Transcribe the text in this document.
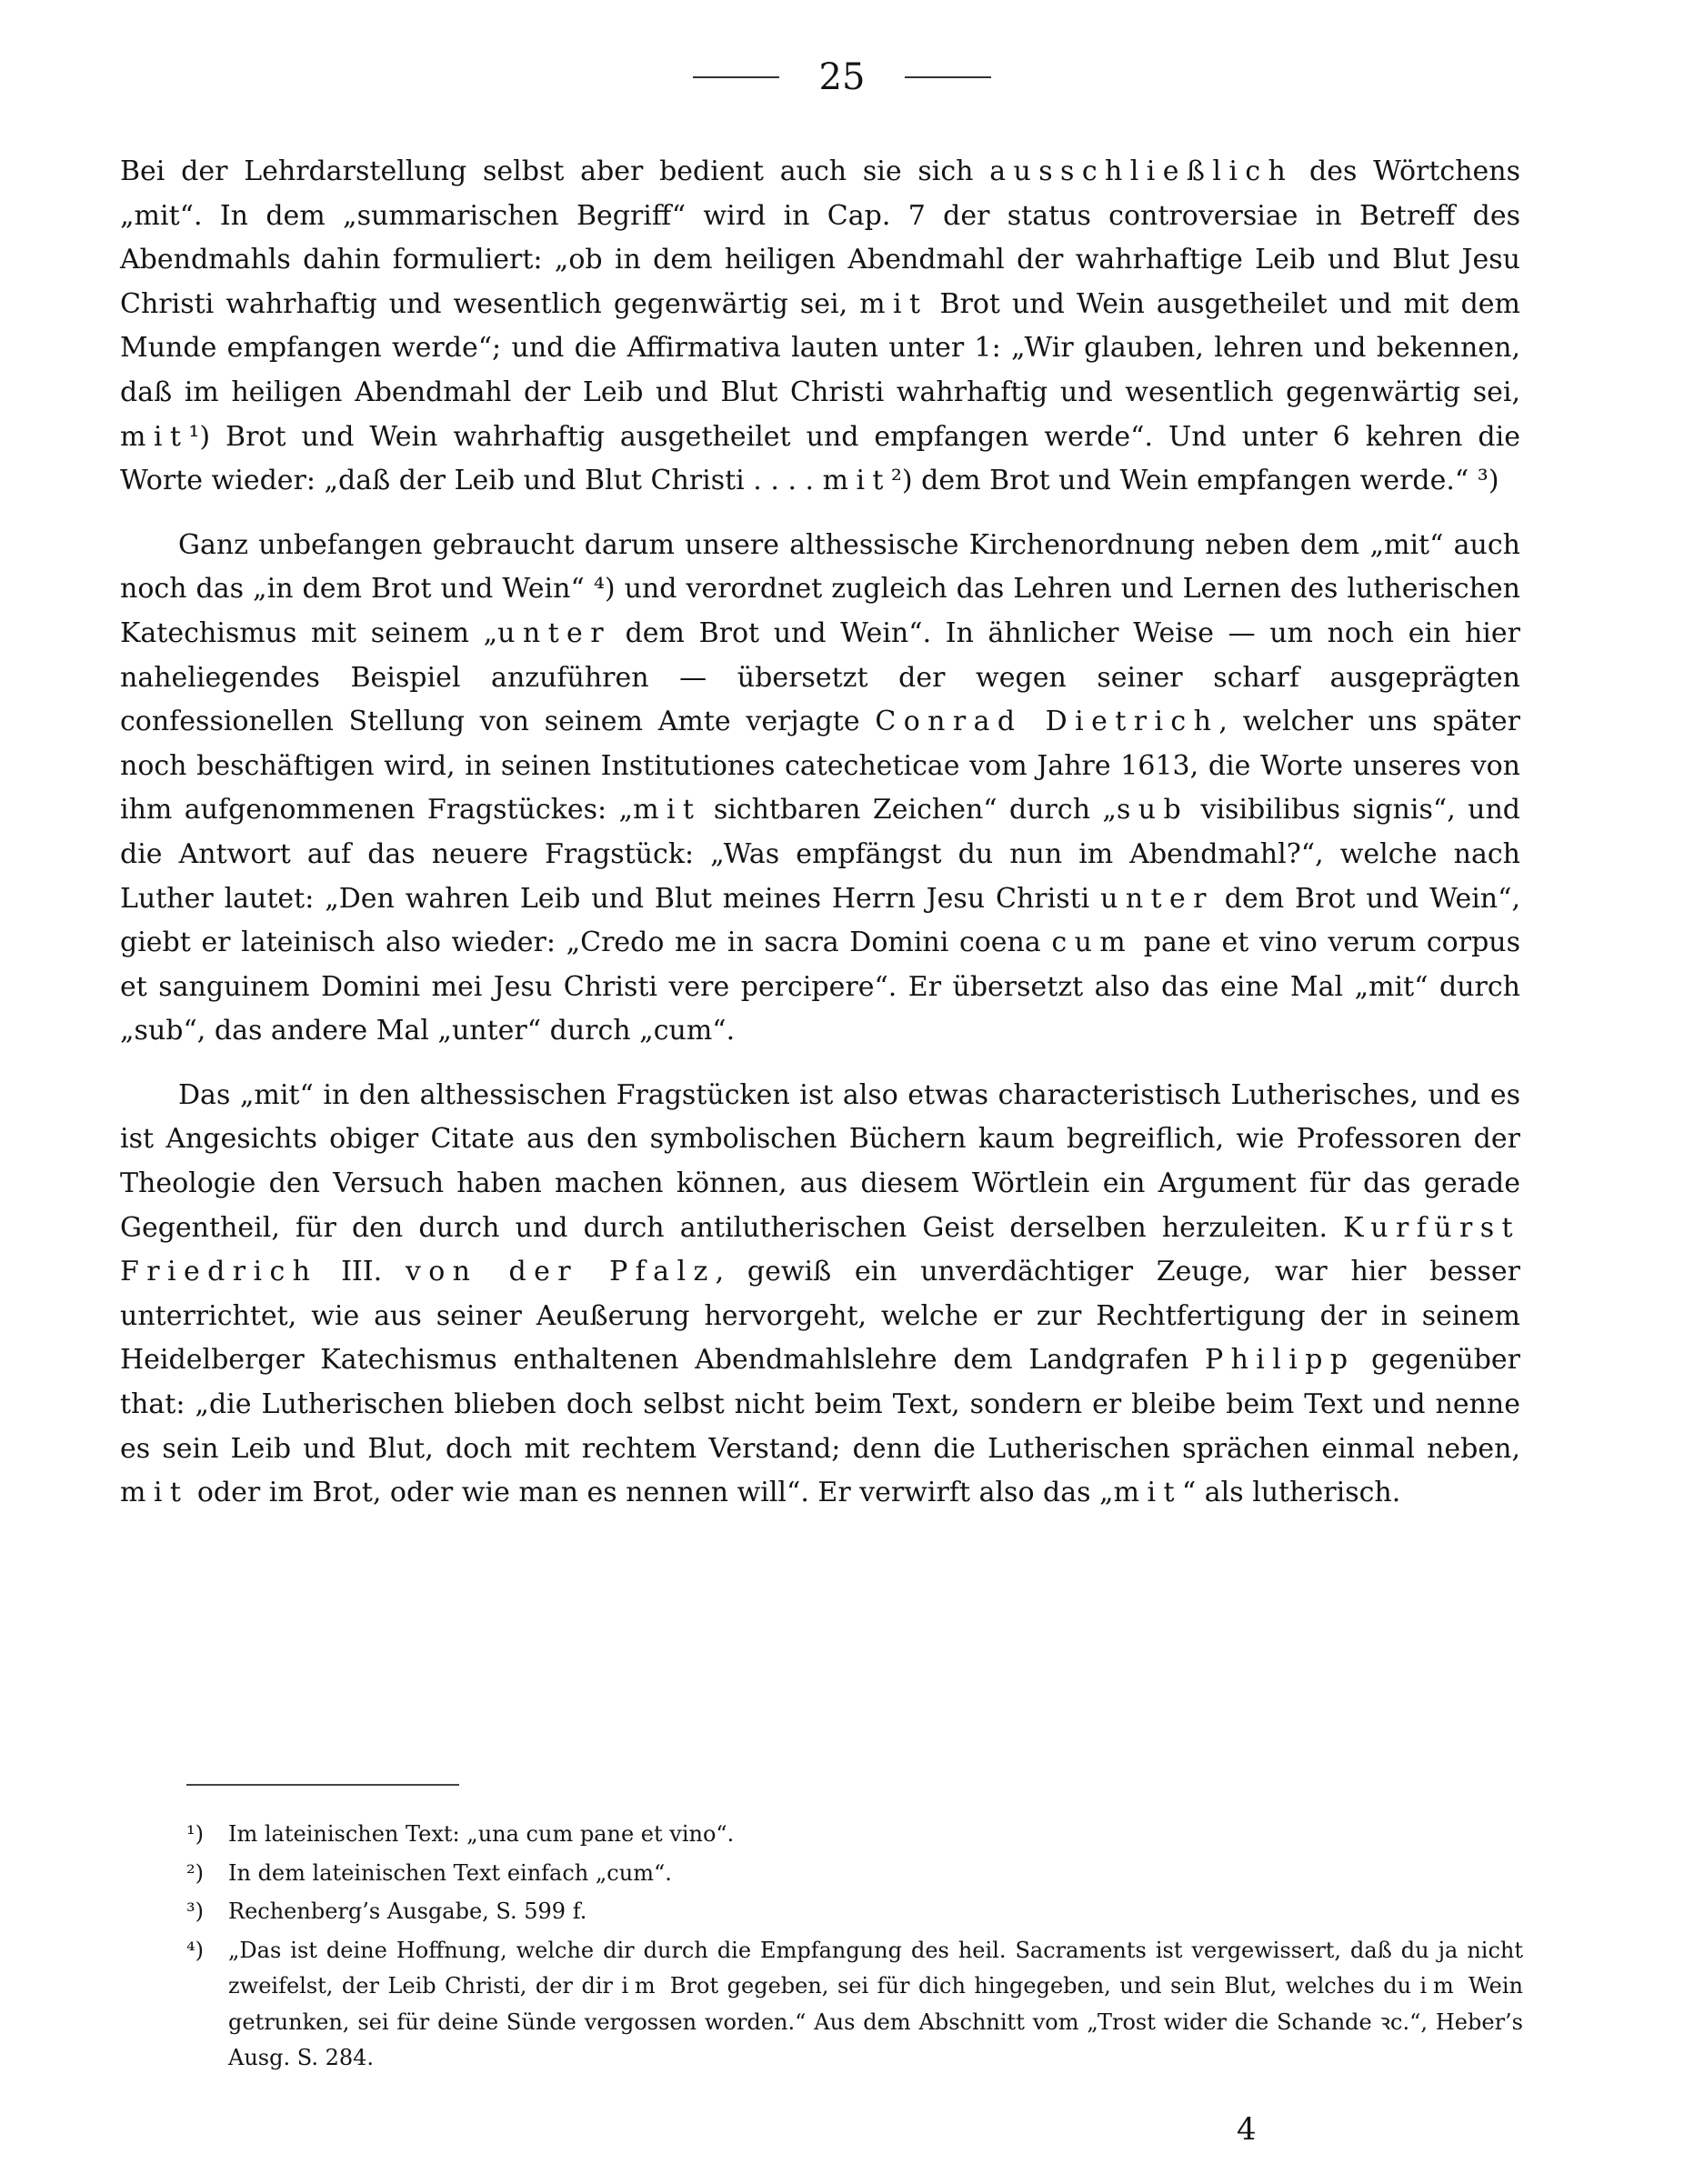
25

Bei der Lehrdarstellung selbst aber bedient auch sie sich ausschließlich des Wörtchens „mit“. In dem „summarischen Begriff“ wird in Cap. 7 der status controversiae in Betreff des Abendmahls dahin formuliert: „ob in dem heiligen Abendmahl der wahrhaftige Leib und Blut Jesu Christi wahrhaftig und wesentlich gegenwärtig sei, mit Brot und Wein ausgetheilet und mit dem Munde empfangen werde“; und die Affirmativa lauten unter 1: „Wir glauben, lehren und bekennen, daß im heiligen Abendmahl der Leib und Blut Christi wahrhaftig und wesentlich gegenwärtig sei, mit¹) Brot und Wein wahrhaftig ausgetheilet und empfangen werde“. Und unter 6 kehren die Worte wieder: „daß der Leib und Blut Christi . . . . mit²) dem Brot und Wein empfangen werde.“ ³)

Ganz unbefangen gebraucht darum unsere althessische Kirchenordnung neben dem „mit“ auch noch das „in dem Brot und Wein“ ⁴) und verordnet zugleich das Lehren und Lernen des lutherischen Katechismus mit seinem „unter dem Brot und Wein“. In ähnlicher Weise — um noch ein hier naheliegendes Beispiel anzuführen — übersetzt der wegen seiner scharf ausgeprägten confessionellen Stellung von seinem Amte verjagte Conrad Dietrich, welcher uns später noch beschäftigen wird, in seinen Institutiones catecheticae vom Jahre 1613, die Worte unseres von ihm aufgenommenen Fragstückes: „mit sichtbaren Zeichen“ durch „sub visibilibus signis“, und die Antwort auf das neuere Fragstück: „Was empfängst du nun im Abendmahl?“, welche nach Luther lautet: „Den wahren Leib und Blut meines Herrn Jesu Christi unter dem Brot und Wein“, giebt er lateinisch also wieder: „Credo me in sacra Domini coena cum pane et vino verum corpus et sanguinem Domini mei Jesu Christi vere percipere“. Er übersetzt also das eine Mal „mit“ durch „sub“, das andere Mal „unter“ durch „cum“.

Das „mit“ in den althessischen Fragstücken ist also etwas characteristisch Lutherisches, und es ist Angesichts obiger Citate aus den symbolischen Büchern kaum begreiflich, wie Professoren der Theologie den Versuch haben machen können, aus diesem Wörtlein ein Argument für das gerade Gegentheil, für den durch und durch antilutherischen Geist derselben herzuleiten. Kurfürst Friedrich III. von der Pfalz, gewiß ein unverdächtiger Zeuge, war hier besser unterrichtet, wie aus seiner Aeußerung hervorgeht, welche er zur Rechtfertigung der in seinem Heidelberger Katechismus enthaltenen Abendmahlslehre dem Landgrafen Philipp gegenüber that: „die Lutherischen blieben doch selbst nicht beim Text, sondern er bleibe beim Text und nenne es sein Leib und Blut, doch mit rechtem Verstand; denn die Lutherischen sprächen einmal neben, mit oder im Brot, oder wie man es nennen will“. Er verwirft also das „mit“ als lutherisch.

¹)	Im lateinischen Text: „una cum pane et vino“.
²)	In dem lateinischen Text einfach „cum“.
³)	Rechenberg’s Ausgabe, S. 599 f.
⁴)	„Das ist deine Hoffnung, welche dir durch die Empfangung des heil. Sacraments ist vergewissert, daß du ja nicht zweifelst, der Leib Christi, der dir im Brot gegeben, sei für dich hingegeben, und sein Blut, welches du im Wein getrunken, sei für deine Sünde vergossen worden.“ Aus dem Abschnitt vom „Trost wider die Schande ꝛc.“, Heber’s Ausg. S. 284.
4
